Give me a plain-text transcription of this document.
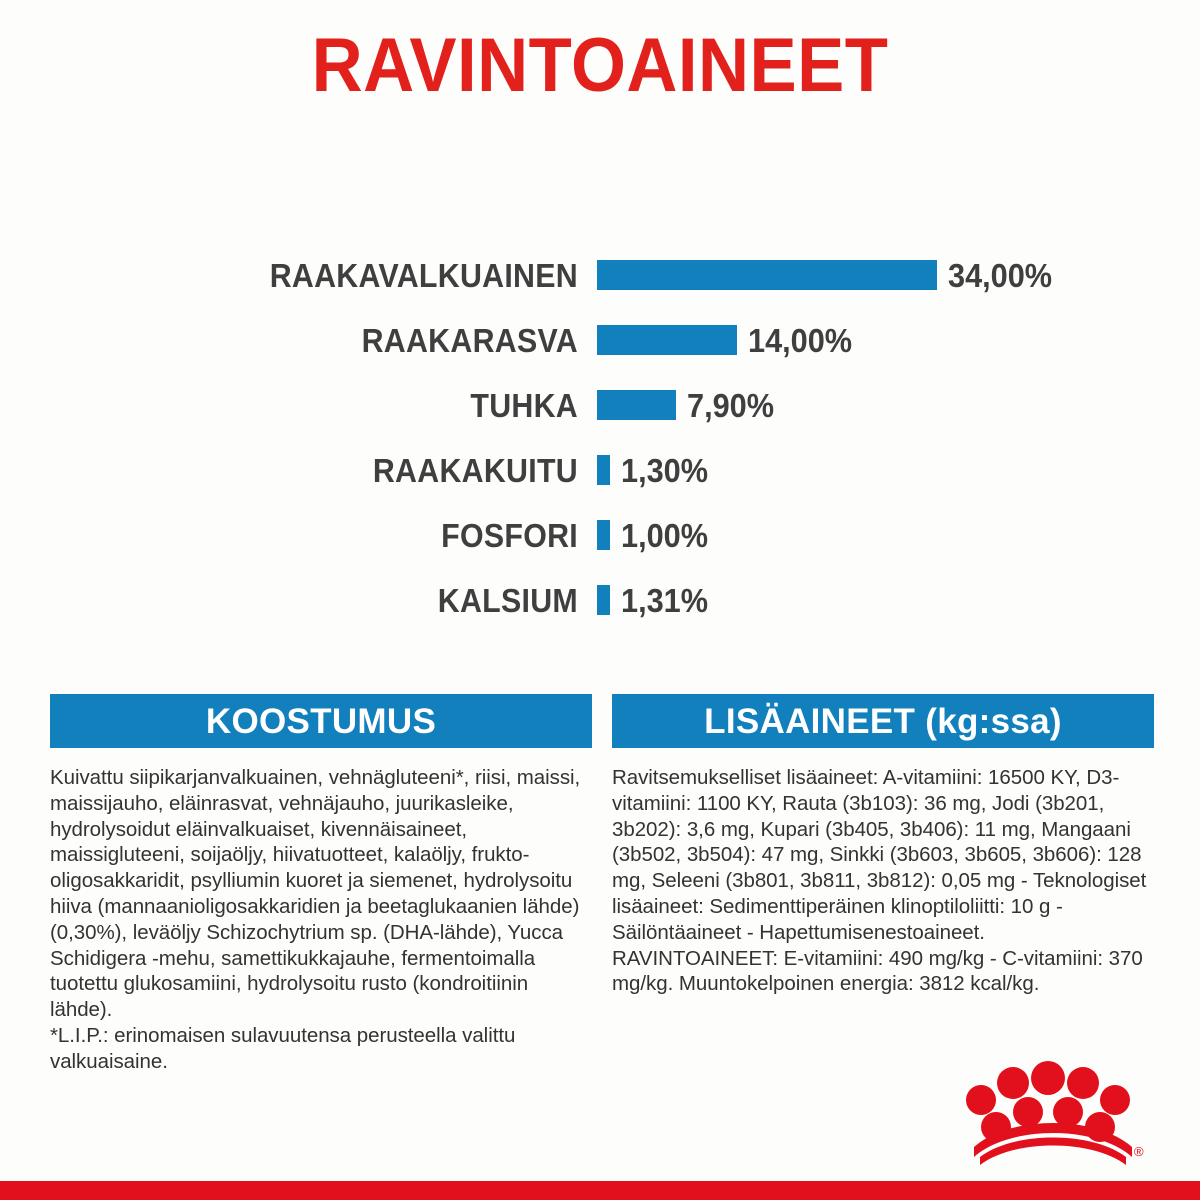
RAVINTOAINEET
RAAKAVALKUAINEN	34,00%
RAAKARASVA	14,00%
TUHKA	7,90%
RAAKAKUITU 1,30%
FOSFORI 1,00%
KALSIUM 1,31%
KOOSTUMUS

Kuivattu siipikarjanvalkuainen, vehnägluteeni*, riisi, maissi, maissijauho, eläinrasvat, vehnäjauho, juurikasleike, hydrolysoidut eläinvalkuaiset, kivennäisaineet, maissigluteeni, soijaöljy, hiivatuotteet, kalaöljy, frukto-oligosakkaridit, psylliumin kuoret ja siemenet, hydrolysoitu hiiva (mannaanioligosakkaridien ja beetaglukaanien lähde) (0,30%), leväöljy Schizochytrium sp. (DHA-lähde), Yucca Schidigera -mehu, samettikukkajauhe, fermentoimalla tuotettu glukosamiini, hydrolysoitu rusto (kondroitiinin lähde).

*L.I.P.: erinomaisen sulavuutensa perusteella valittu valkuaisaine.

LISÄAINEET (kg:ssa)

Ravitsemukselliset lisäaineet: A-vitamiini: 16500 KY, D3-vitamiini: 1100 KY, Rauta (3b103): 36 mg, Jodi (3b201, 3b202): 3,6 mg, Kupari (3b405, 3b406): 11 mg, Mangaani (3b502, 3b504): 47 mg, Sinkki (3b603, 3b605, 3b606): 128 mg, Seleeni (3b801, 3b811, 3b812): 0,05 mg - Teknologiset lisäaineet: Sedimenttiperäinen klinoptiloliitti: 10 g - Säilöntäaineet - Hapettumisenestoaineet.

RAVINTOAINEET: E-vitamiini: 490 mg/kg - C-vitamiini: 370 mg/kg. Muuntokelpoinen energia: 3812 kcal/kg.

®
